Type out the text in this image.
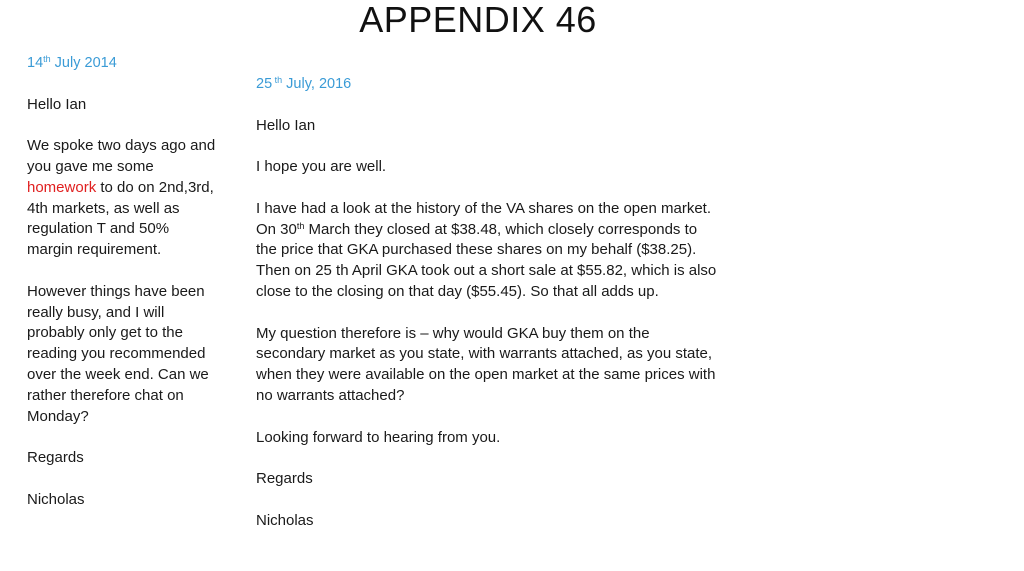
APPENDIX 46
14th July 2014

Hello Ian

We spoke two days ago and you gave me some homework to do on 2nd,3rd, 4th markets, as well as regulation T and 50% margin requirement.

However things have been really busy, and I will probably only get to the reading you recommended over the week end. Can we rather therefore chat on Monday?

Regards

Nicholas

25 $^{th}$ July, 2016

Hello Ian

I hope you are well.

I have had a look at the history of the VA shares on the open market. On 30th March they closed at $38.48, which closely corresponds to the price that GKA purchased these shares on my behalf ($38.25). Then on 25 th April GKA took out a short sale at $55.82, which is also close to the closing on that day ($55.45). So that all adds up.

My question therefore is – why would GKA buy them on the secondary market as you state, with warrants attached, as you state, when they were available on the open market at the same prices with no warrants attached?

Looking forward to hearing from you.

Regards

Nicholas
